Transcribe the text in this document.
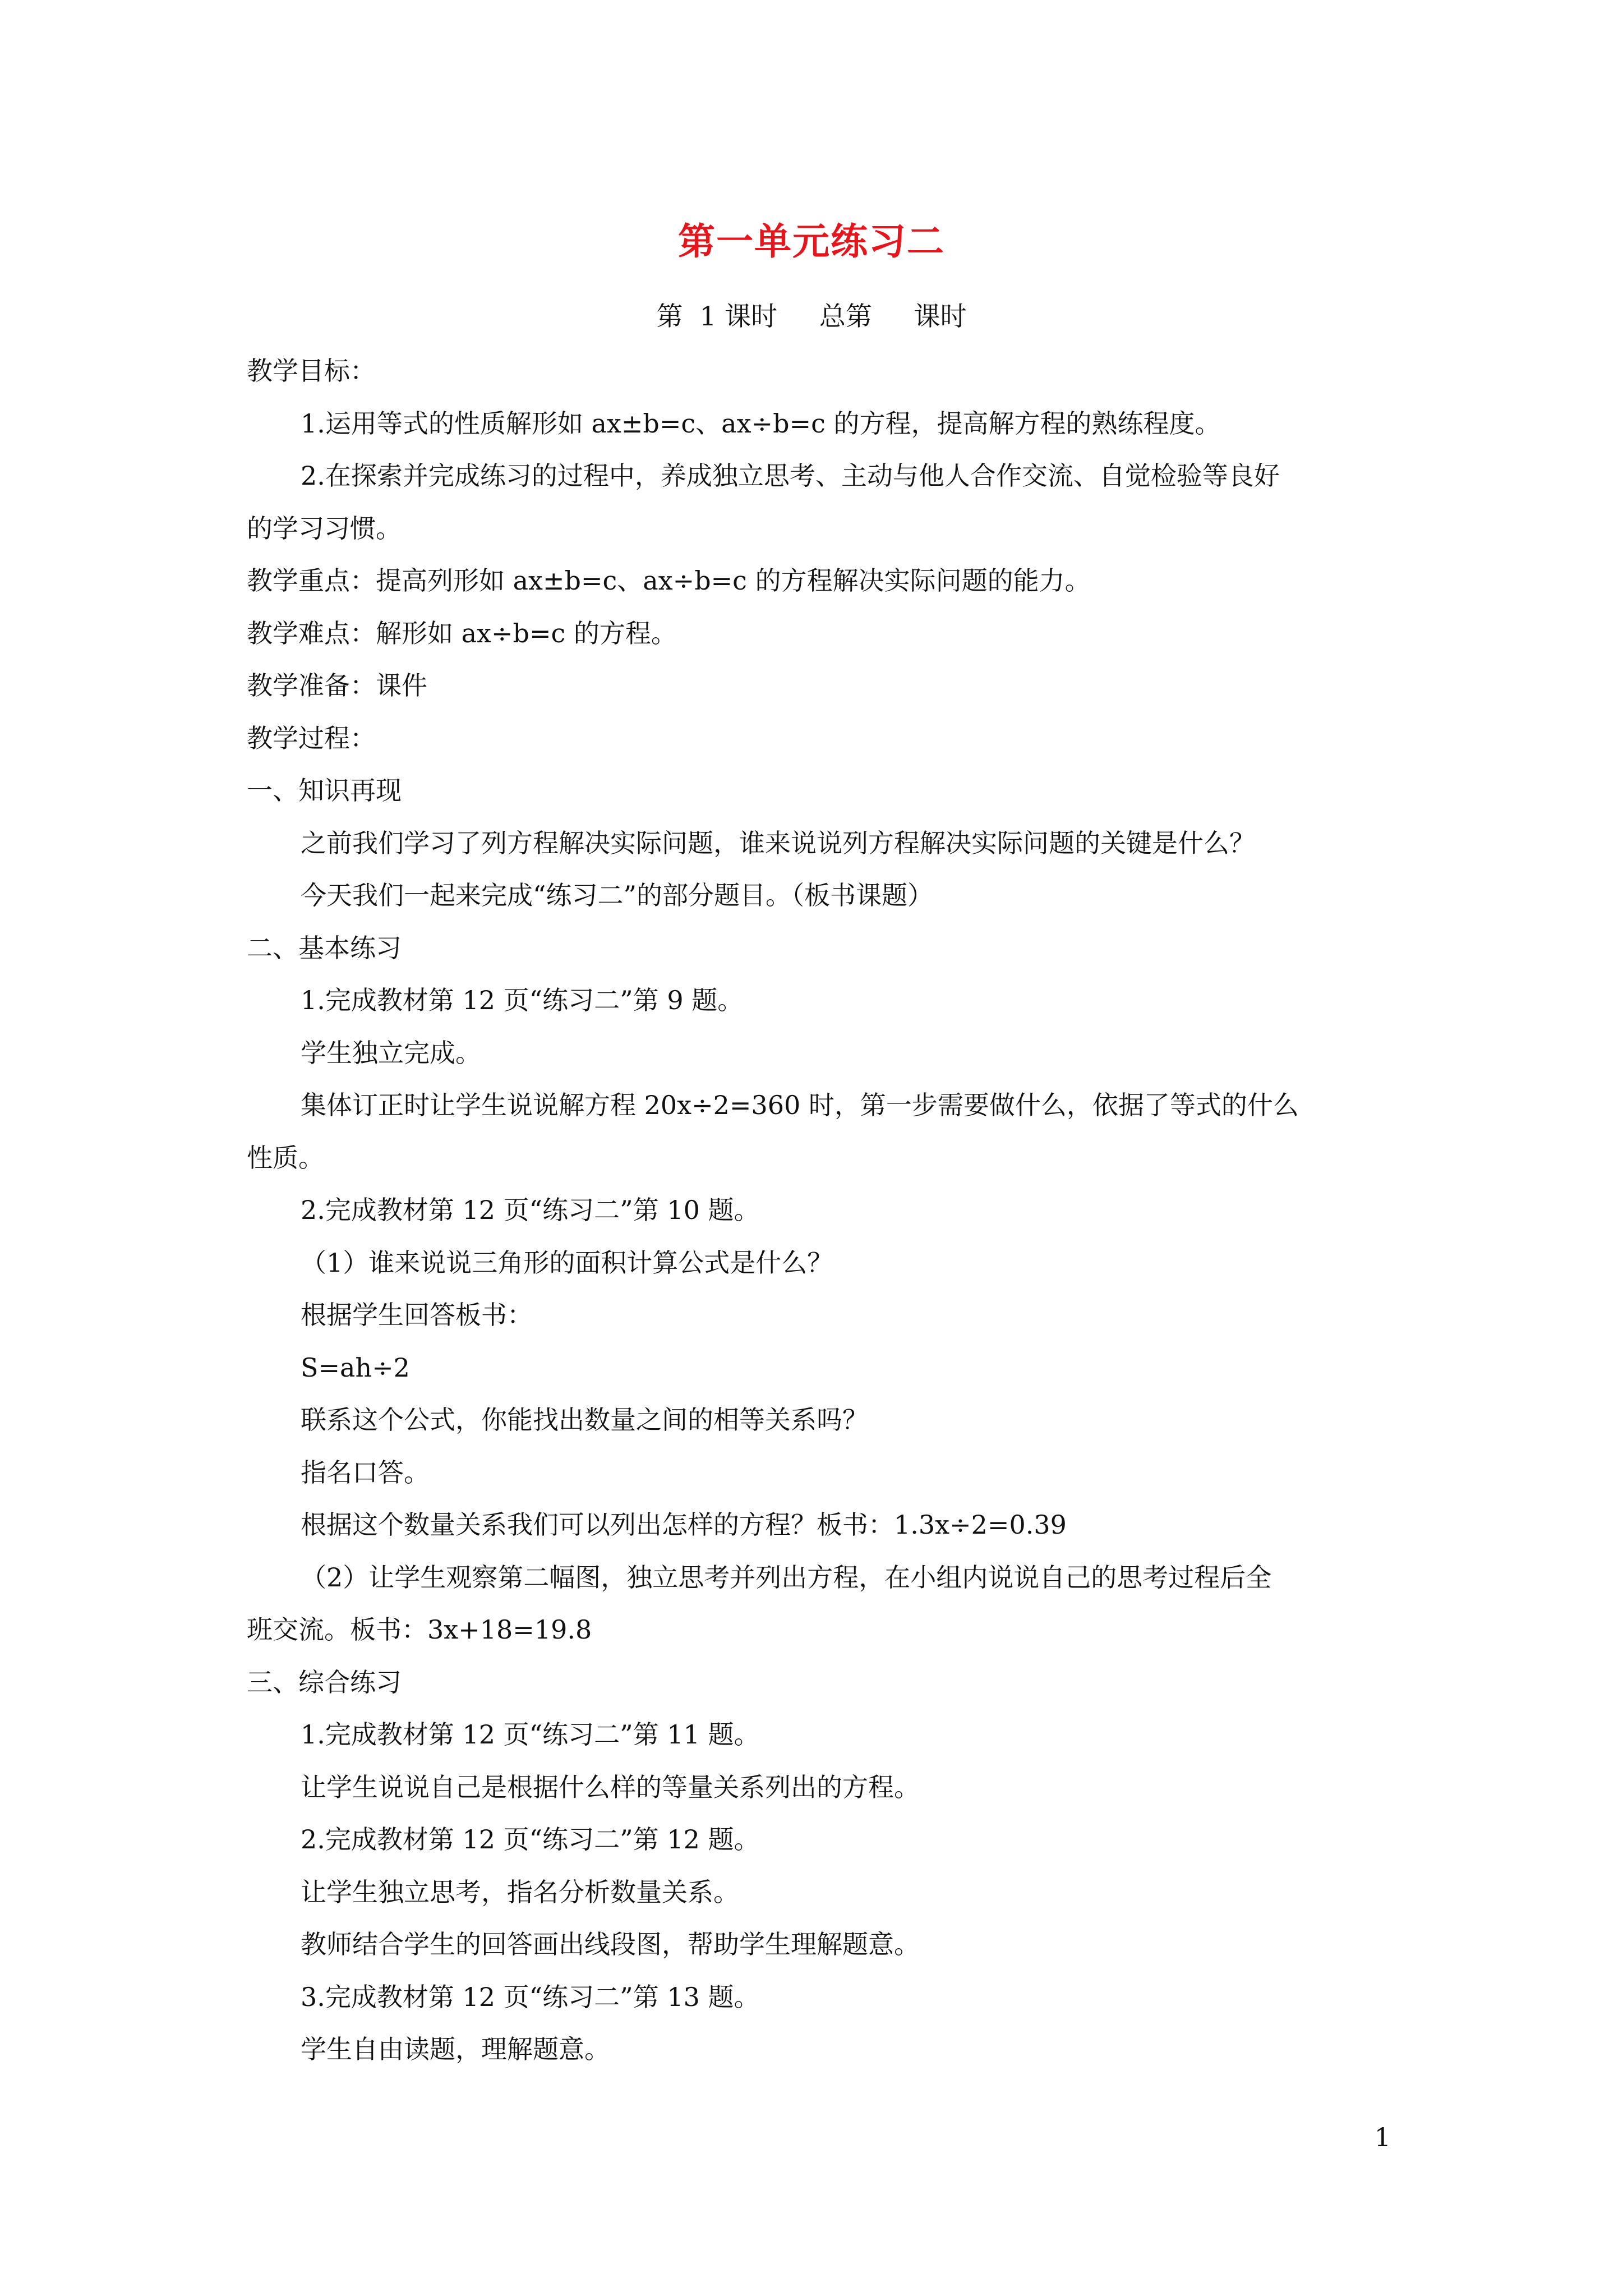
第一单元练习二
第  1 课时     总第     课时
教学目标：
1.运用等式的性质解形如 ax±b=c、ax÷b=c 的方程，提高解方程的熟练程度。
2.在探索并完成练习的过程中，养成独立思考、主动与他人合作交流、自觉检验等良好
的学习习惯。
教学重点：提高列形如 ax±b=c、ax÷b=c 的方程解决实际问题的能力。
教学难点：解形如 ax÷b=c 的方程。
教学准备：课件
教学过程：
一、知识再现
之前我们学习了列方程解决实际问题，谁来说说列方程解决实际问题的关键是什么？
今天我们一起来完成“练习二”的部分题目。（板书课题）
二、基本练习
1.完成教材第 12 页“练习二”第 9 题。
学生独立完成。
集体订正时让学生说说解方程 20x÷2=360 时，第一步需要做什么，依据了等式的什么
性质。
2.完成教材第 12 页“练习二”第 10 题。
（1）谁来说说三角形的面积计算公式是什么？
根据学生回答板书：
S=ah÷2
联系这个公式，你能找出数量之间的相等关系吗？
指名口答。
根据这个数量关系我们可以列出怎样的方程？板书：1.3x÷2=0.39
（2）让学生观察第二幅图，独立思考并列出方程，在小组内说说自己的思考过程后全
班交流。板书：3x+18=19.8
三、综合练习
1.完成教材第 12 页“练习二”第 11 题。
让学生说说自己是根据什么样的等量关系列出的方程。
2.完成教材第 12 页“练习二”第 12 题。
让学生独立思考，指名分析数量关系。
教师结合学生的回答画出线段图，帮助学生理解题意。
3.完成教材第 12 页“练习二”第 13 题。
学生自由读题，理解题意。
1
